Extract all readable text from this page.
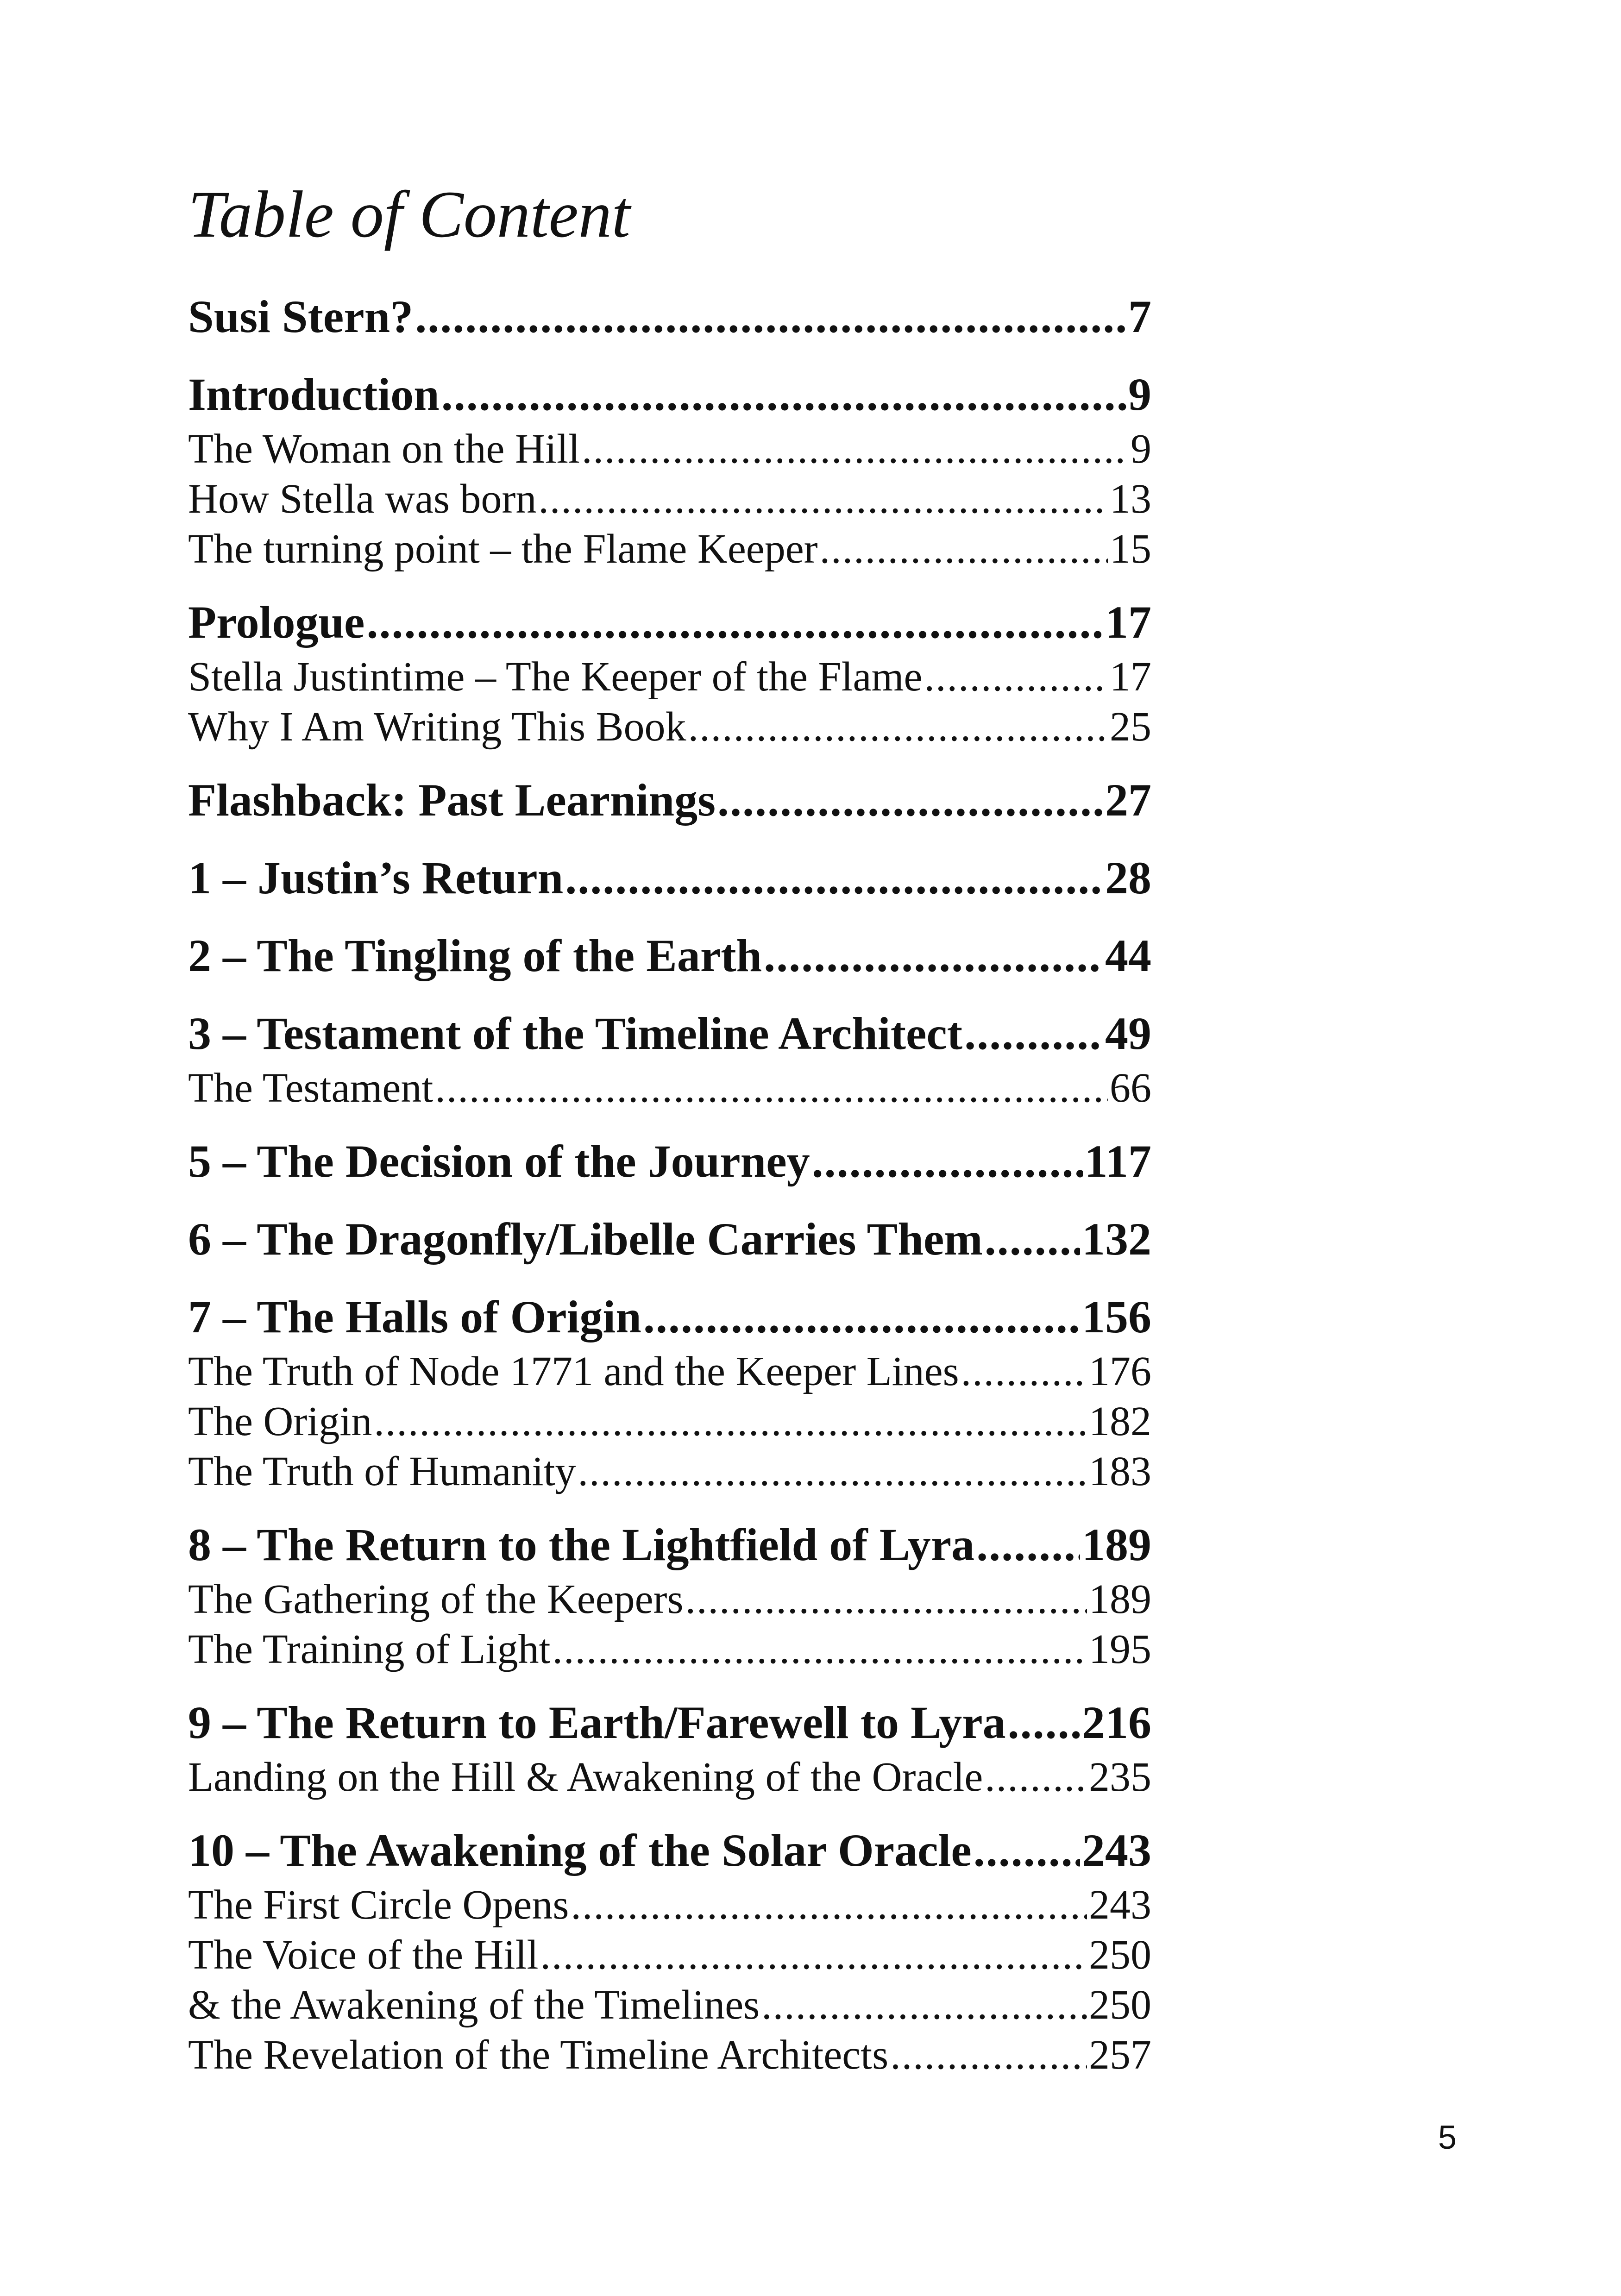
Table of Content
Susi Stern? .....	7
Introduction .....	9
The Woman on the Hill .....	9
How Stella was born .....	13
The turning point – the Flame Keeper .....	15
Prologue .....	17
Stella Justintime – The Keeper of the Flame .....	17
Why I Am Writing This Book .....	25
Flashback: Past Learnings .....	27
1 – Justin’s Return .....	28
2 – The Tingling of the Earth .....	44
3 – Testament of the Timeline Architect .....	49
The Testament .....	66
5 – The Decision of the Journey .....	117
6 – The Dragonfly/Libelle Carries Them ..... 132
7 – The Halls of Origin .....	156
The Truth of Node 1771 and the Keeper Lines .....	176
The Origin .....	182
The Truth of Humanity .....	183
8 – The Return to the Lightfield of Lyra ..... 189
The Gathering of the Keepers .....	189
The Training of Light .....	195
9 – The Return to Earth/Farewell to Lyra ..... 216
Landing on the Hill & Awakening of the Oracle .....	235
10 – The Awakening of the Solar Oracle ..... 243
The First Circle Opens .....	243
The Voice of the Hill .....	250
& the Awakening of the Timelines .....	250
The Revelation of the Timeline Architects .....	257
5
